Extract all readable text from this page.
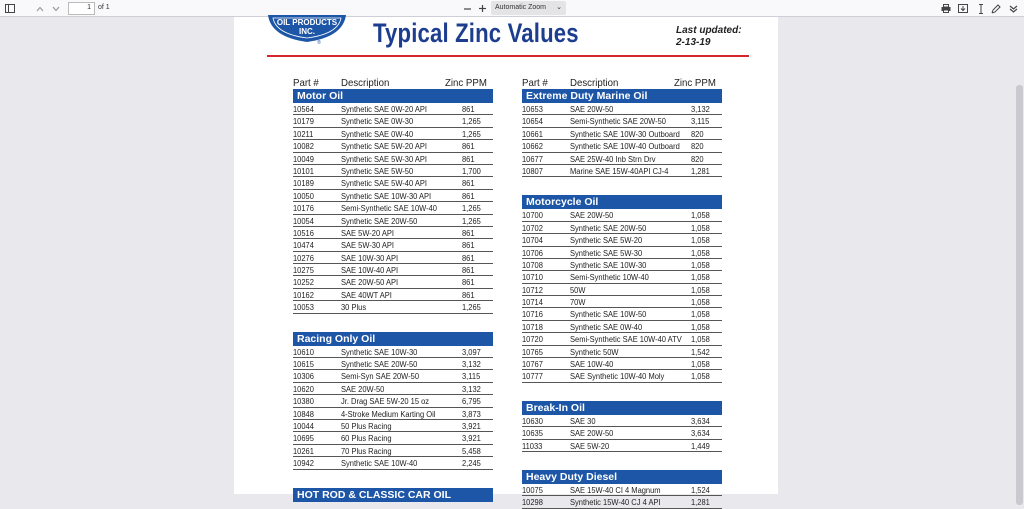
1	of 1	Automatic Zoom ⌄
OIL PRODUCTS
INC.
® Typical Zinc Values	Last updated:
2-13-19
Part # Description	Zinc PPM
Motor Oil
10564	Synthetic SAE 0W-20 API	861
10179	Synthetic SAE 0W-30	1,265
10211	Synthetic SAE 0W-40	1,265
10082	Synthetic SAE 5W-20 API	861
10049	Synthetic SAE 5W-30 API	861
10101	Synthetic SAE 5W-50	1,700
10189	Synthetic SAE 5W-40 API	861
10050	Synthetic SAE 10W-30 API	861
10176	Semi-Synthetic SAE 10W-40	1,265
10054	Synthetic SAE 20W-50	1,265
10516	SAE 5W-20 API	861
10474	SAE 5W-30 API	861
10276	SAE 10W-30 API	861
10275	SAE 10W-40 API	861
10252	SAE 20W-50 API	861
10162	SAE 40WT API	861
10053	30 Plus	1,265
Racing Only Oil
10610	Synthetic SAE 10W-30	3,097
10615	Synthetic SAE 20W-50	3,132
10306	Semi-Syn SAE 20W-50	3,115
10620	SAE 20W-50	3,132
10380	Jr. Drag SAE 5W-20 15 oz	6,795
10848	4-Stroke Medium Karting Oil	3,873
10044	50 Plus Racing	3,921
10695	60 Plus Racing	3,921
10261	70 Plus Racing	5,458
10942	Synthetic SAE 10W-40	2,245
HOT ROD & CLASSIC CAR OIL
Part # Description	Zinc PPM
Extreme Duty Marine Oil
10653	SAE 20W-50	3,132
10654	Semi-Synthetic SAE 20W-50	3,115
10661	Synthetic SAE 10W-30 Outboard 820
10662	Synthetic SAE 10W-40 Outboard 820
10677	SAE 25W-40 Inb Strn Drv	820
10807	Marine SAE 15W-40API CJ-4	1,281
Motorcycle Oil
10700	SAE 20W-50	1,058
10702	Synthetic SAE 20W-50	1,058
10704	Synthetic SAE 5W-20	1,058
10706	Synthetic SAE 5W-30	1,058
10708	Synthetic SAE 10W-30	1,058
10710	Semi-Synthetic 10W-40	1,058
10712	50W	1,058
10714	70W	1,058
10716	Synthetic SAE 10W-50	1,058
10718	Synthetic SAE 0W-40	1,058
10720	Semi-Synthetic SAE 10W-40 ATV 1,058
10765	Synthetic 50W	1,542
10767	SAE 10W-40	1,058
10777	SAE Synthetic 10W-40 Moly	1,058
Break-In Oil
10630	SAE 30	3,634
10635	SAE 20W-50	3,634
11033	SAE 5W-20	1,449
Heavy Duty Diesel
10075	SAE 15W-40 CI 4 Magnum	1,524
10298	Synthetic 15W-40 CJ 4 API	1,281
